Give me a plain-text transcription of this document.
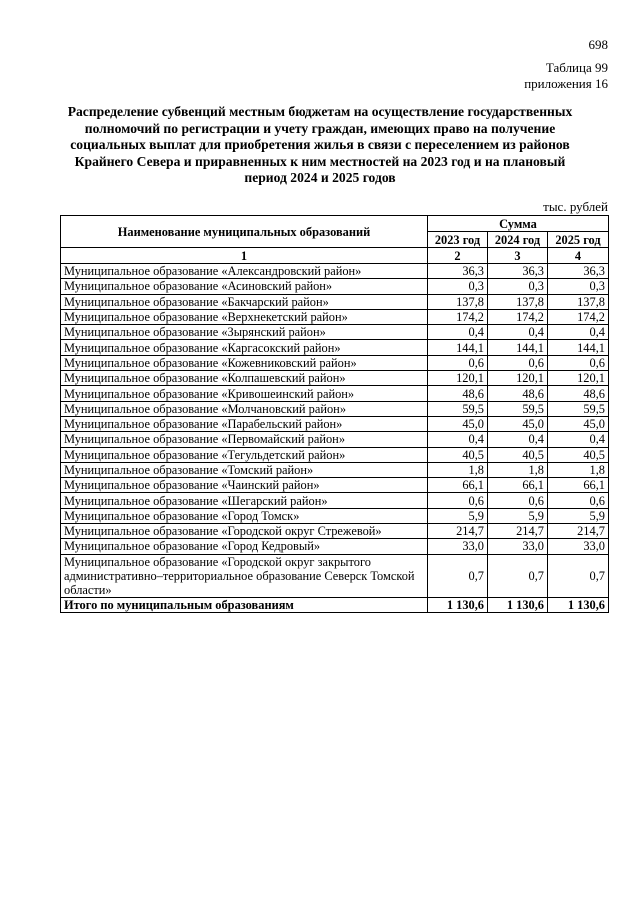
698
Таблица 99
приложения 16
Распределение субвенций местным бюджетам на осуществление государственных
полномочий по регистрации и учету граждан, имеющих право на получение
социальных выплат для приобретения жилья в связи с переселением из районов
Крайнего Севера и приравненных к ним местностей на 2023 год и на плановый
период 2024 и 2025 годов
тыс. рублей
Наименование муниципальных образований	Сумма		
	2023 год	2024 год	2025 год
1	2	3	4
Муниципальное образование «Александровский район»	36,3	36,3	36,3
Муниципальное образование «Асиновский район»	0,3	0,3	0,3
Муниципальное образование «Бакчарский район»	137,8	137,8	137,8
Муниципальное образование «Верхнекетский район»	174,2	174,2	174,2
Муниципальное образование «Зырянский район»	0,4	0,4	0,4
Муниципальное образование «Каргасокский район»	144,1	144,1	144,1
Муниципальное образование «Кожевниковский район»	0,6	0,6	0,6
Муниципальное образование «Колпашевский район»	120,1	120,1	120,1
Муниципальное образование «Кривошеинский район»	48,6	48,6	48,6
Муниципальное образование «Молчановский район»	59,5	59,5	59,5
Муниципальное образование «Парабельский район»	45,0	45,0	45,0
Муниципальное образование «Первомайский район»	0,4	0,4	0,4
Муниципальное образование «Тегульдетский район»	40,5	40,5	40,5
Муниципальное образование «Томский район»	1,8	1,8	1,8
Муниципальное образование «Чаинский район»	66,1	66,1	66,1
Муниципальное образование «Шегарский район»	0,6	0,6	0,6
Муниципальное образование «Город Томск»	5,9	5,9	5,9
Муниципальное образование «Городской округ Стрежевой»	214,7	214,7	214,7
Муниципальное образование «Город Кедровый»	33,0	33,0	33,0
Муниципальное образование «Городской округ закрытого административно–территориальное образование Северск Томской области»	0,7	0,7	0,7
Итого по муниципальным образованиям	1 130,6	1 130,6	1 130,6
